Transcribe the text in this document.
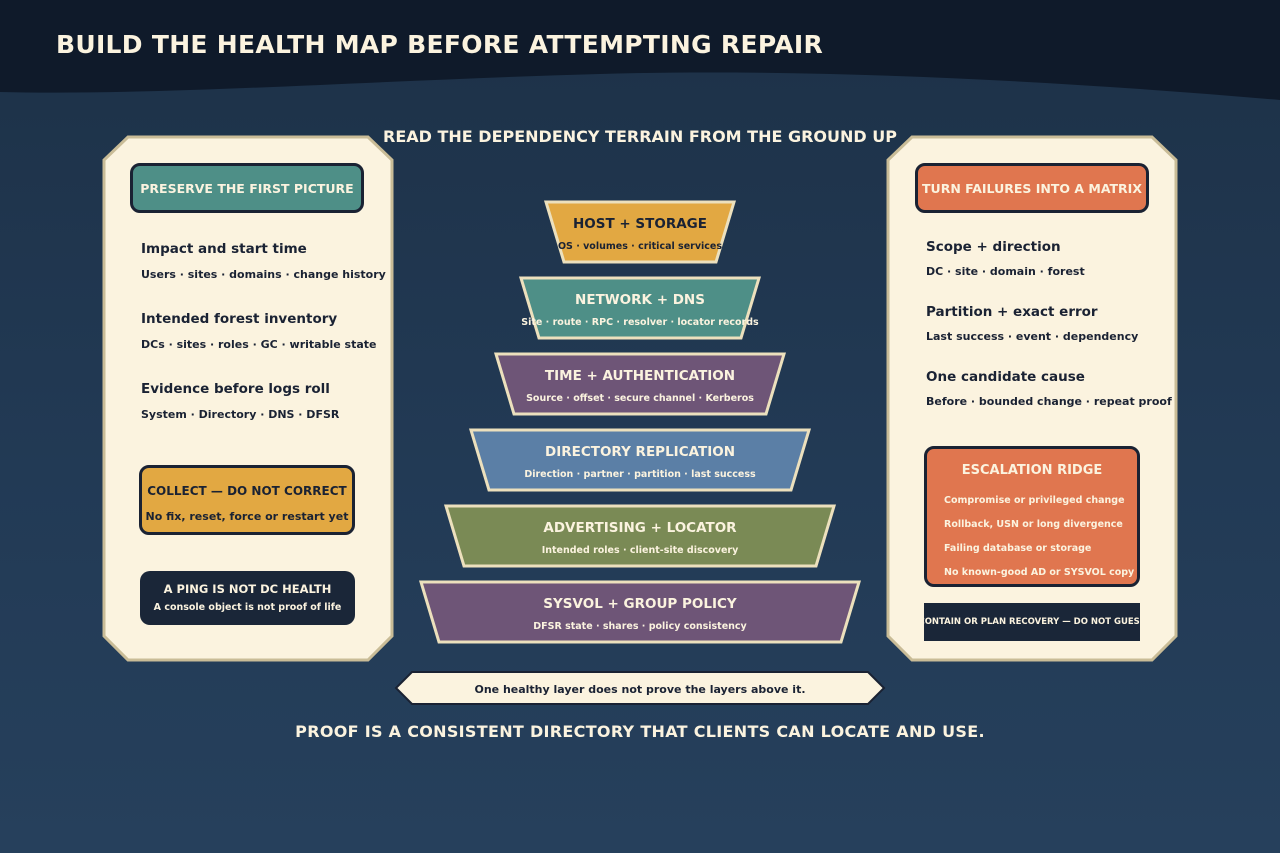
BUILD THE HEALTH MAP BEFORE ATTEMPTING REPAIR
READ THE DEPENDENCY TERRAIN FROM THE GROUND UP
PRESERVE THE FIRST PICTURE
Impact and start time
Users · sites · domains · change history
Intended forest inventory
DCs · sites · roles · GC · writable state
Evidence before logs roll
System · Directory · DNS · DFSR
COLLECT — DO NOT CORRECT
No fix, reset, force or restart yet
A PING IS NOT DC HEALTH
A console object is not proof of life
TURN FAILURES INTO A MATRIX
Scope + direction
DC · site · domain · forest
Partition + exact error
Last success · event · dependency
One candidate cause
Before · bounded change · repeat proof
ESCALATION RIDGE
Compromise or privileged change
Rollback, USN or long divergence
Failing database or storage
No known-good AD or SYSVOL copy
CONTAIN OR PLAN RECOVERY — DO NOT GUESS
HOST + STORAGE
OS · volumes · critical services
NETWORK + DNS
Site · route · RPC · resolver · locator records
TIME + AUTHENTICATION
Source · offset · secure channel · Kerberos
DIRECTORY REPLICATION
Direction · partner · partition · last success
ADVERTISING + LOCATOR
Intended roles · client-site discovery
SYSVOL + GROUP POLICY
DFSR state · shares · policy consistency
One healthy layer does not prove the layers above it.
PROOF IS A CONSISTENT DIRECTORY THAT CLIENTS CAN LOCATE AND USE.
